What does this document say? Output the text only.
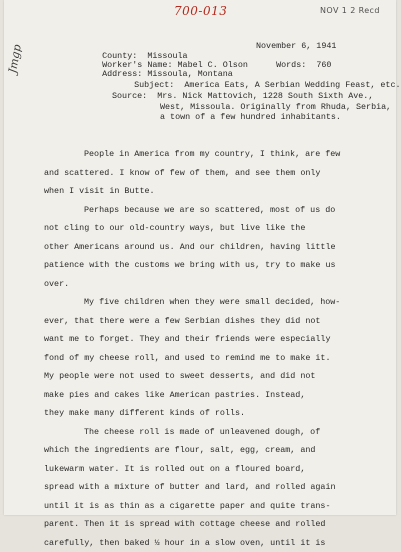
700-013	NOV 1 2 Recd
Jmgp	County: Missoula

Worker's Name: Mabel C. Olson

Address: Missoula, Montana

November 6, 1941

Words: 760

Subject: America Eats, A Serbian Wedding Feast, etc.

Source: Mrs. Nick Mattovich, 1228 South Sixth Ave.,
West, Missoula. Originally from Rhuda, Serbia,
a town of a few hundred inhabitants.

People in America from my country, I think, are few
and scattered. I know of few of them, and see them only
when I visit in Butte.

Perhaps because we are so scattered, most of us do
not cling to our old-country ways, but live like the
other Americans around us. And our children, having little
patience with the customs we bring with us, try to make us
over.

My five children when they were small decided, how-
ever, that there were a few Serbian dishes they did not
want me to forget. They and their friends were especially
fond of my cheese roll, and used to remind me to make it.
My people were not used to sweet desserts, and did not
make pies and cakes like American pastries. Instead,
they make many different kinds of rolls.

The cheese roll is made of unleavened dough, of
which the ingredients are flour, salt, egg, cream, and
lukewarm water. It is rolled out on a floured board,
spread with a mixture of butter and lard, and rolled again
until it is as thin as a cigarette paper and quite trans-
parent. Then it is spread with cottage cheese and rolled
carefully, then baked ½ hour in a slow oven, until it is
